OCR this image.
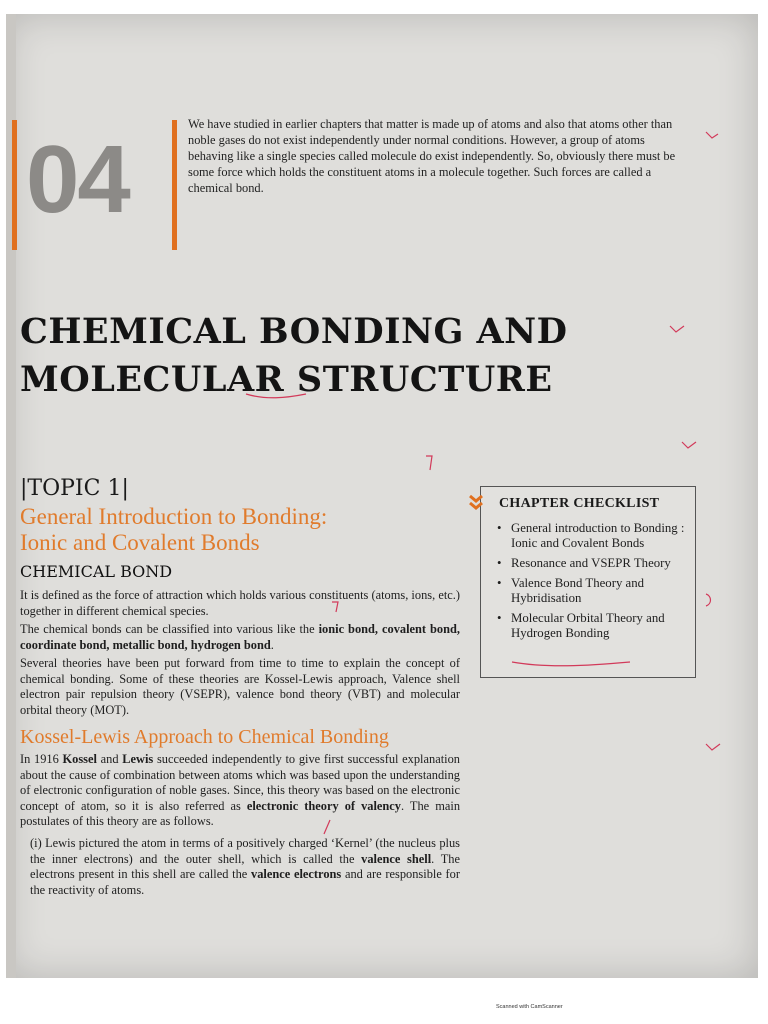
04
We have studied in earlier chapters that matter is made up of atoms and also that atoms other than noble gases do not exist independently under normal conditions. However, a group of atoms behaving like a single species called molecule do exist independently. So, obviously there must be some force which holds the constituent atoms in a molecule together. Such forces are called a chemical bond.
CHEMICAL BONDING AND
MOLECULAR STRUCTURE
|TOPIC 1|
General Introduction to Bonding:
Ionic and Covalent Bonds
CHEMICAL BOND
It is defined as the force of attraction which holds various constituents (atoms, ions, etc.) together in different chemical species.
The chemical bonds can be classified into various like the ionic bond, covalent bond, coordinate bond, metallic bond, hydrogen bond.
Several theories have been put forward from time to time to explain the concept of chemical bonding. Some of these theories are Kossel-Lewis approach, Valence shell electron pair repulsion theory (VSEPR), valence bond theory (VBT) and molecular orbital theory (MOT).
Kossel-Lewis Approach to Chemical Bonding
In 1916 Kossel and Lewis succeeded independently to give first successful explanation about the cause of combination between atoms which was based upon the understanding of electronic configuration of noble gases. Since, this theory was based on the electronic concept of atom, so it is also referred as electronic theory of valency. The main postulates of this theory are as follows.
(i) Lewis pictured the atom in terms of a positively charged ‘Kernel’ (the nucleus plus the inner electrons) and the outer shell, which is called the valence shell. The electrons present in this shell are called the valence electrons and are responsible for the reactivity of atoms.
CHAPTER CHECKLIST
• General introduction to Bonding : Ionic and Covalent Bonds
• Resonance and VSEPR Theory
• Valence Bond Theory and Hybridisation
• Molecular Orbital Theory and Hydrogen Bonding
Scanned with CamScanner
